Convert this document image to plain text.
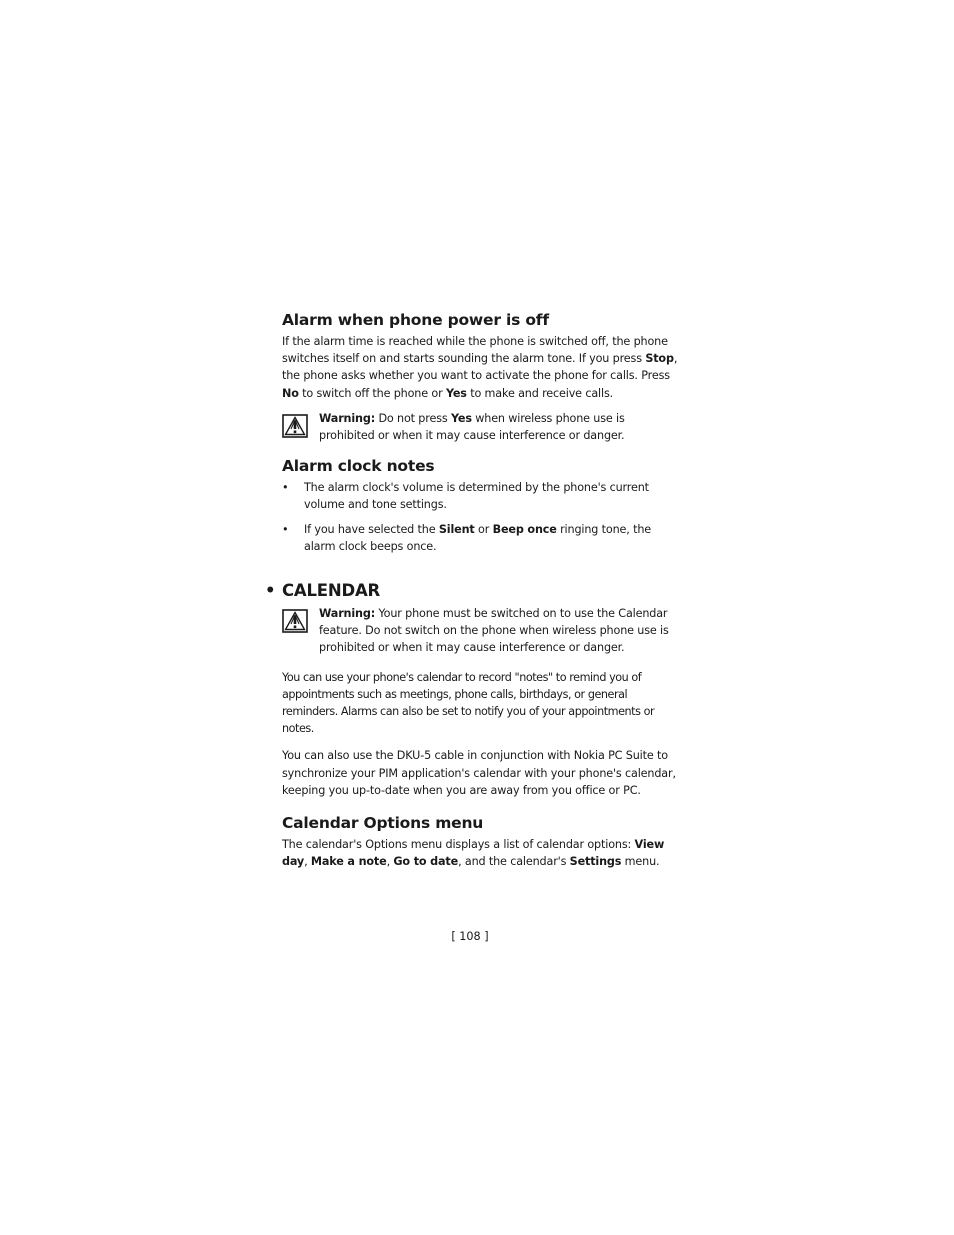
Alarm when phone power is off

If the alarm time is reached while the phone is switched off, the phone switches itself on and starts sounding the alarm tone. If you press Stop, the phone asks whether you want to activate the phone for calls. Press No to switch off the phone or Yes to make and receive calls.

Warning: Do not press Yes when wireless phone use is prohibited or when it may cause interference or danger.

Alarm clock notes
• The alarm clock's volume is determined by the phone's current volume and tone settings.
• If you have selected the Silent or Beep once ringing tone, the alarm clock beeps once.
• CALENDAR

Warning: Your phone must be switched on to use the Calendar feature. Do not switch on the phone when wireless phone use is prohibited or when it may cause interference or danger.

You can use your phone's calendar to record "notes" to remind you of appointments such as meetings, phone calls, birthdays, or general reminders. Alarms can also be set to notify you of your appointments or notes.

You can also use the DKU-5 cable in conjunction with Nokia PC Suite to synchronize your PIM application's calendar with your phone's calendar, keeping you up-to-date when you are away from you office or PC.

Calendar Options menu

The calendar's Options menu displays a list of calendar options: View day, Make a note, Go to date, and the calendar's Settings menu.

[ 108 ]
